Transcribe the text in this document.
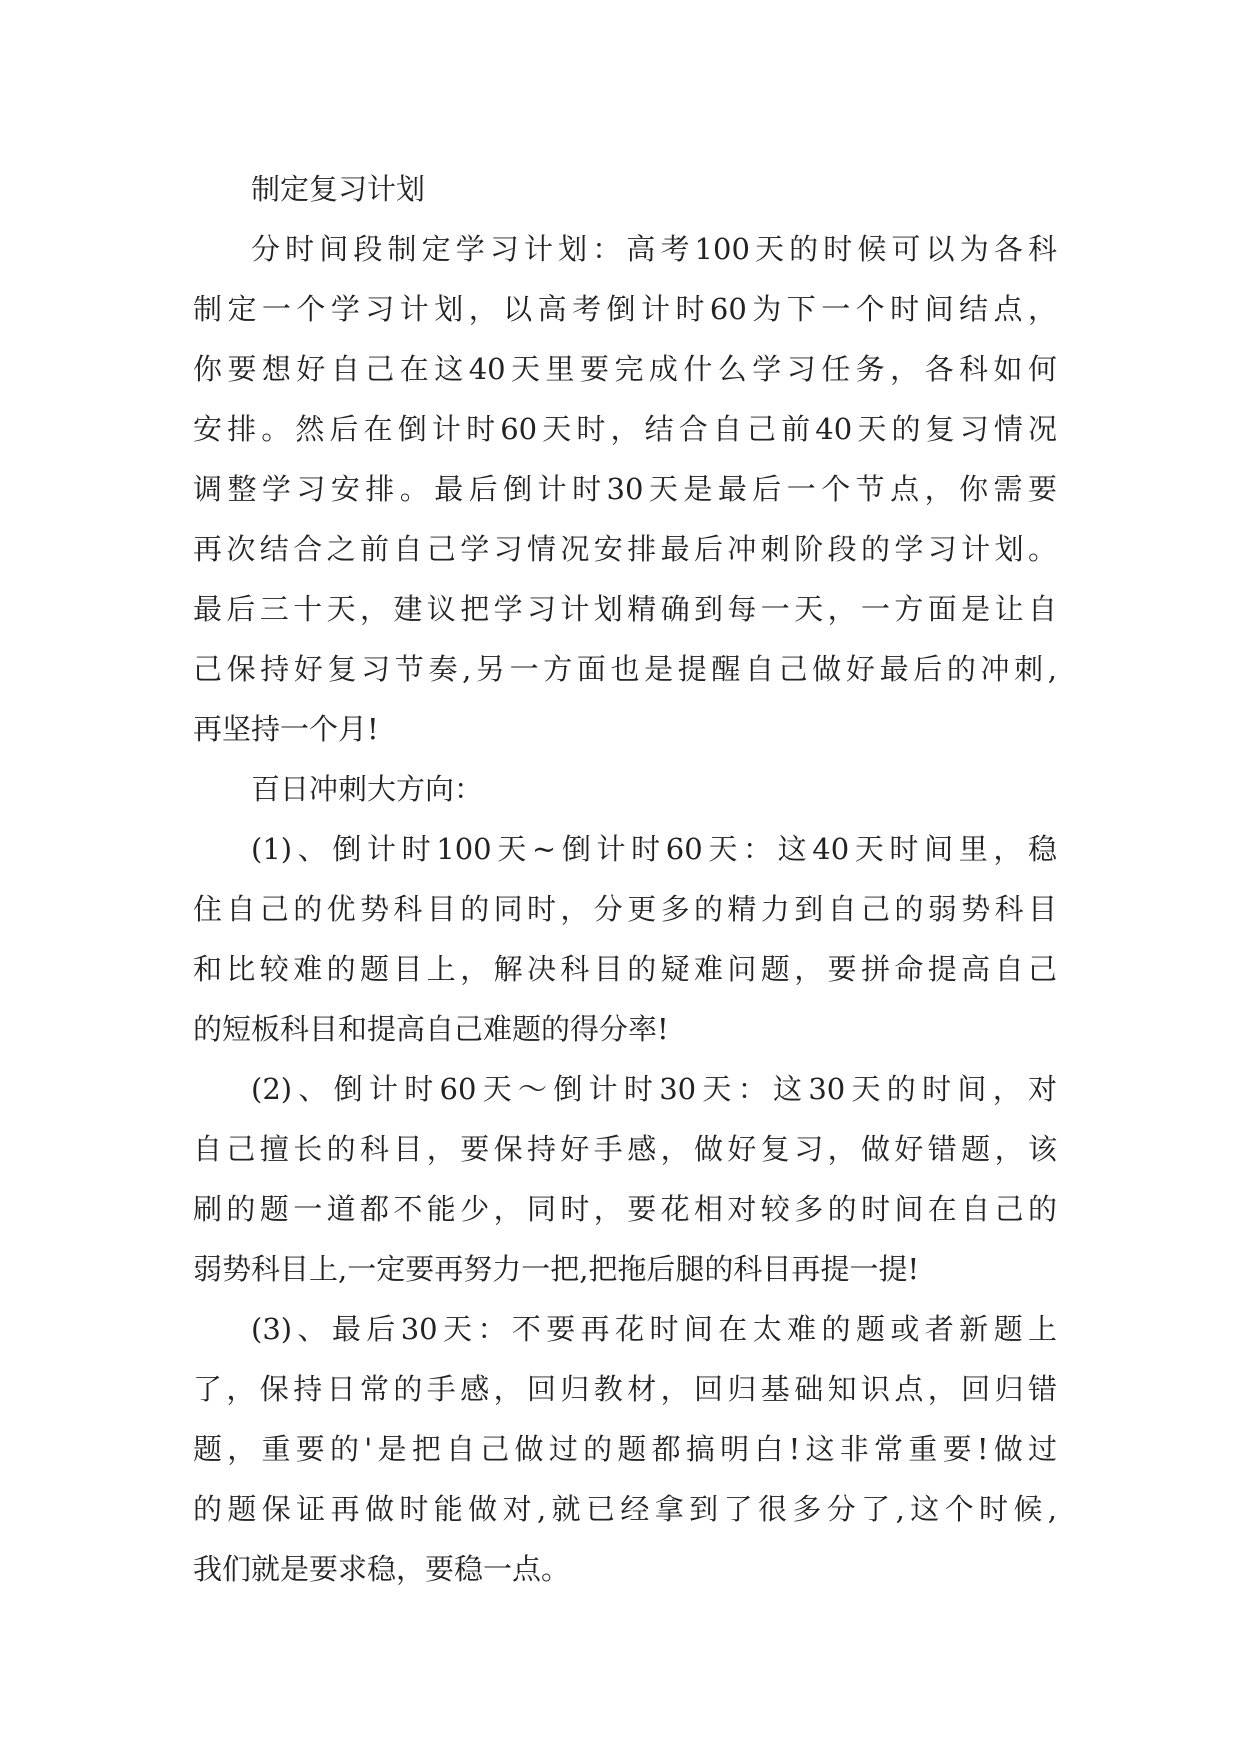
制定复习计划
分时间段制定学习计划：高考100天的时候可以为各科
制定一个学习计划，以高考倒计时60为下一个时间结点，
你要想好自己在这40天里要完成什么学习任务，各科如何
安排。然后在倒计时60天时，结合自己前40天的复习情况
调整学习安排。最后倒计时30天是最后一个节点，你需要
再次结合之前自己学习情况安排最后冲刺阶段的学习计划。
最后三十天，建议把学习计划精确到每一天，一方面是让自
己保持好复习节奏,另一方面也是提醒自己做好最后的冲刺,
再坚持一个月!
百日冲刺大方向：
(1)、倒计时100天~倒计时60天：这40天时间里，稳
住自己的优势科目的同时，分更多的精力到自己的弱势科目
和比较难的题目上，解决科目的疑难问题，要拼命提高自己
的短板科目和提高自己难题的得分率!
(2)、倒计时60天～倒计时30天：这30天的时间，对
自己擅长的科目，要保持好手感，做好复习，做好错题，该
刷的题一道都不能少，同时，要花相对较多的时间在自己的
弱势科目上,一定要再努力一把,把拖后腿的科目再提一提!
(3)、最后30天：不要再花时间在太难的题或者新题上
了，保持日常的手感，回归教材，回归基础知识点，回归错
题，重要的'是把自己做过的题都搞明白!这非常重要!做过
的题保证再做时能做对,就已经拿到了很多分了,这个时候,
我们就是要求稳，要稳一点。
